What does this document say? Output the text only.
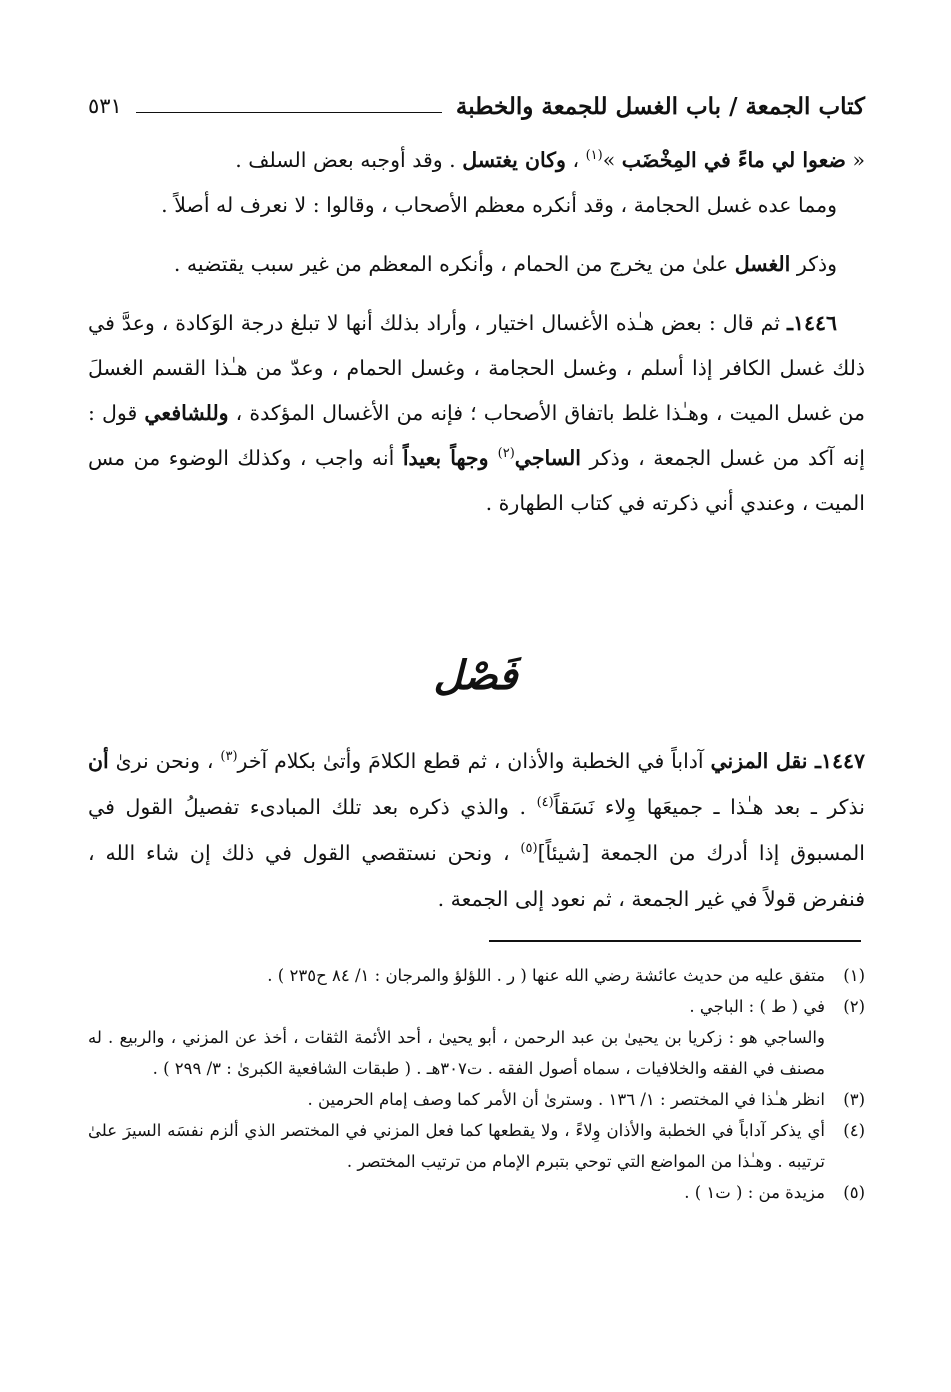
كتاب الجمعة / باب الغسل للجمعة والخطبة
٥٣١

« ضعوا لي ماءً في المِخْضَب »$^{(١)}$ ، وكان يغتسل . وقد أوجبه بعض السلف .

ومما عده غسل الحجامة ، وقد أنكره معظم الأصحاب ، وقالوا : لا نعرف له أصلاً .

وذكر الغسل علىٰ من يخرج من الحمام ، وأنكره المعظم من غير سبب يقتضيه .

١٤٤٦ـ ثم قال : بعض هـٰذه الأغسال اختيار ، وأراد بذلك أنها لا تبلغ درجة الوَكادة ، وعدَّ في ذلك غسل الكافر إذا أسلم ، وغسل الحجامة ، وغسل الحمام ، وعدّ من هـٰذا القسم الغسلَ من غسل الميت ، وهـٰذا غلط باتفاق الأصحاب ؛ فإنه من الأغسال المؤكدة ، وللشافعي قول : إنه آكد من غسل الجمعة ، وذكر الساجي$^{(٢)}$ وجهاً بعيداً أنه واجب ، وكذلك الوضوء من مس الميت ، وعندي أني ذكرته في كتاب الطهارة .

فَصْل

١٤٤٧ـ نقل المزني آداباً في الخطبة والأذان ، ثم قطع الكلامَ وأتىٰ بكلام آخر$^{(٣)}$ ، ونحن نرىٰ أن نذكر ـ بعد هـٰذا ـ جميعَها وِلاء نَسَقاً$^{(٤)}$ . والذي ذكره بعد تلك المبادىء تفصيلُ القول في المسبوق إذا أدرك من الجمعة [شيئاً]$^{(٥)}$ ، ونحن نستقصي القول في ذلك إن شاء الله ، فنفرض قولاً في غير الجمعة ، ثم نعود إلى الجمعة .

(١)
متفق عليه من حديث عائشة رضي الله عنها ( ر . اللؤلؤ والمرجان : ١/ ٨٤ ح٢٣٥ ) .
(٢)
في ( ط ) : الباجي .
والساجي هو : زكريا بن يحيىٰ بن عبد الرحمن ، أبو يحيىٰ ، أحد الأئمة الثقات ، أخذ عن المزني ، والربيع . له مصنف في الفقه والخلافيات ، سماه أصول الفقه . ت٣٠٧هـ . ( طبقات الشافعية الكبرىٰ : ٣/ ٢٩٩ ) .
(٣)
انظر هـٰذا في المختصر : ١/ ١٣٦ . وسترىٰ أن الأمر كما وصف إمام الحرمين .
(٤)
أي يذكر آداباً في الخطبة والأذان وِلاءً ، ولا يقطعها كما فعل المزني في المختصر الذي ألزم نفسَه السيرَ علىٰ ترتيبه . وهـٰذا من المواضع التي توحي بتبرم الإمام من ترتيب المختصر .
(٥)
مزيدة من : ( ت١ ) .
